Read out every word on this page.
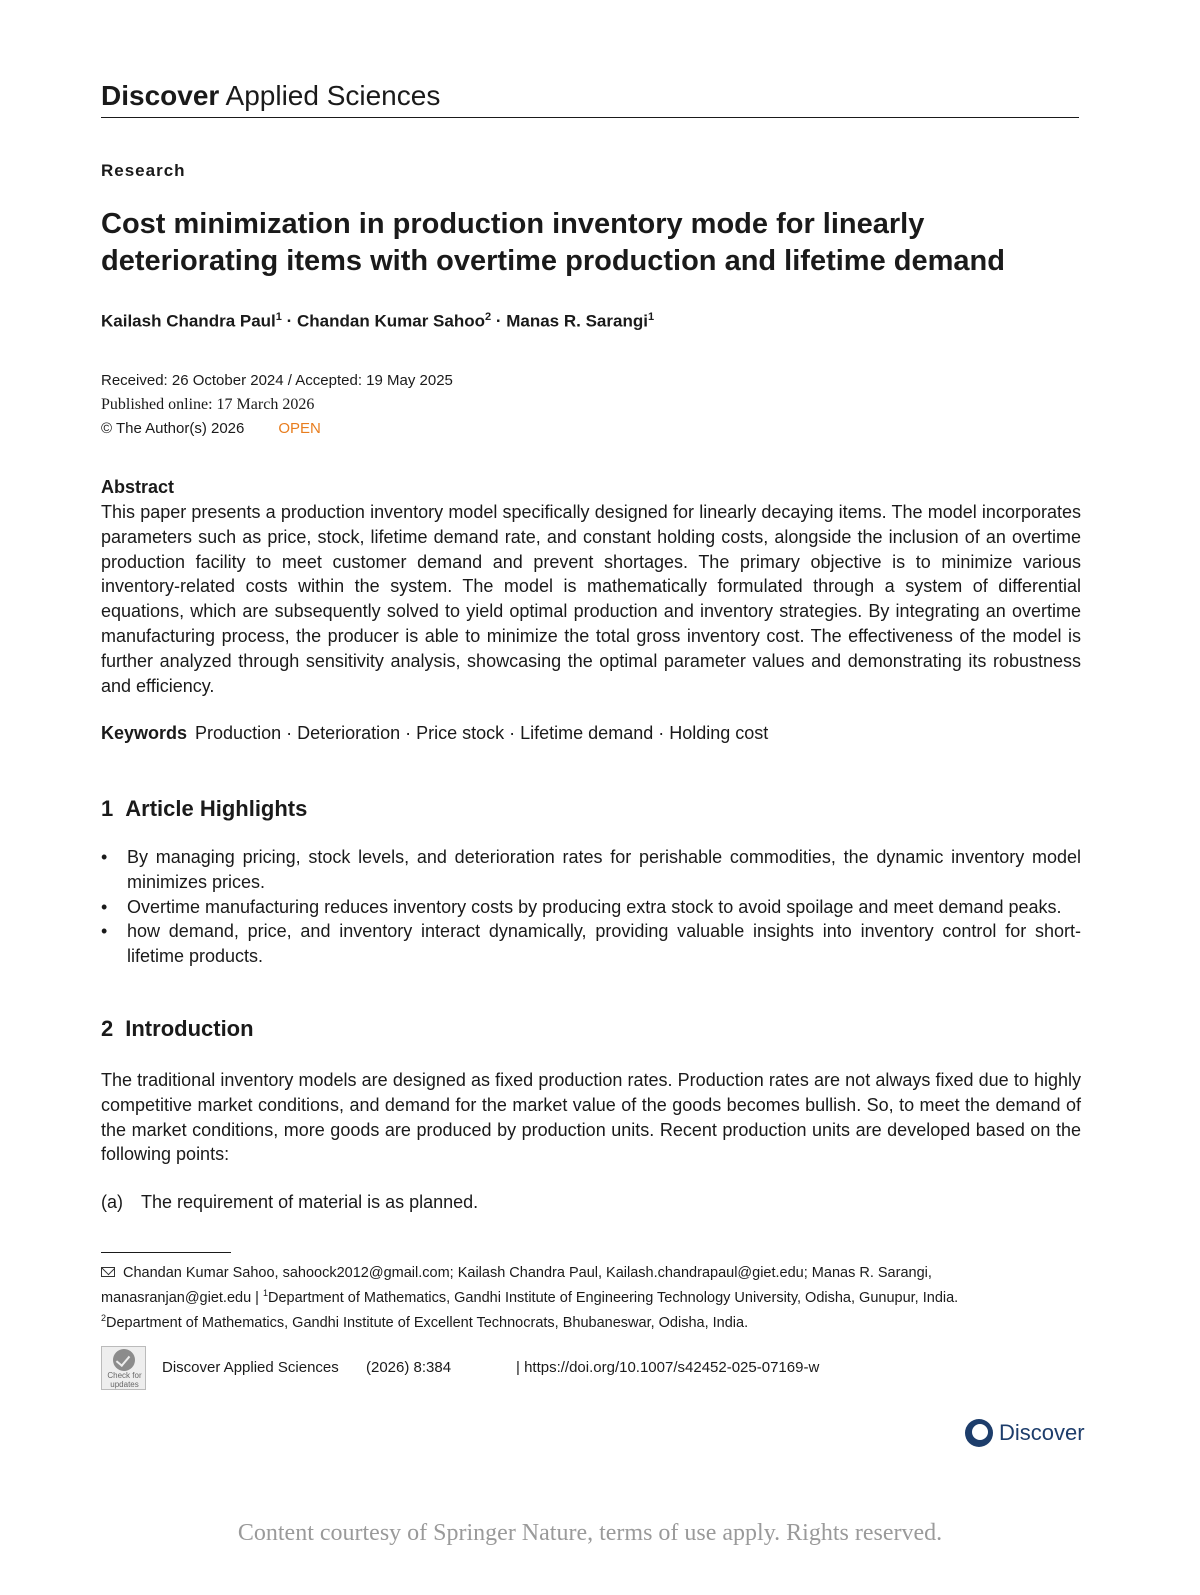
Discover Applied Sciences
Research
Cost minimization in production inventory mode for linearly deteriorating items with overtime production and lifetime demand
Kailash Chandra Paul$^1$ · Chandan Kumar Sahoo$^2$ · Manas R. Sarangi$^1$
Received: 26 October 2024 / Accepted: 19 May 2025
Published online: 17 March 2026
© The Author(s) 2026 OPEN
Abstract
This paper presents a production inventory model specifically designed for linearly decaying items. The model incorporates parameters such as price, stock, lifetime demand rate, and constant holding costs, alongside the inclusion of an overtime production facility to meet customer demand and prevent shortages. The primary objective is to minimize various inventory-related costs within the system. The model is mathematically formulated through a system of differential equations, which are subsequently solved to yield optimal production and inventory strategies. By integrating an overtime manufacturing process, the producer is able to minimize the total gross inventory cost. The effectiveness of the model is further analyzed through sensitivity analysis, showcasing the optimal parameter values and demonstrating its robustness and efficiency.
Keywords Production · Deterioration · Price stock · Lifetime demand · Holding cost
1 Article Highlights
• By managing pricing, stock levels, and deterioration rates for perishable commodities, the dynamic inventory model minimizes prices.
• Overtime manufacturing reduces inventory costs by producing extra stock to avoid spoilage and meet demand peaks.
• how demand, price, and inventory interact dynamically, providing valuable insights into inventory control for short-lifetime products.
2 Introduction
The traditional inventory models are designed as fixed production rates. Production rates are not always fixed due to highly competitive market conditions, and demand for the market value of the goods becomes bullish. So, to meet the demand of the market conditions, more goods are produced by production units. Recent production units are developed based on the following points:
(a) The requirement of material is as planned.
Chandan Kumar Sahoo, sahoock2012@gmail.com; Kailash Chandra Paul, Kailash.chandrapaul@giet.edu; Manas R. Sarangi, manasranjan@giet.edu | $^1$Department of Mathematics, Gandhi Institute of Engineering Technology University, Odisha, Gunupur, India. $^2$Department of Mathematics, Gandhi Institute of Excellent Technocrats, Bhubaneswar, Odisha, India.
Check for updates
Discover Applied Sciences (2026) 8:384	| https://doi.org/10.1007/s42452-025-07169-w
Discover
Content courtesy of Springer Nature, terms of use apply. Rights reserved.
